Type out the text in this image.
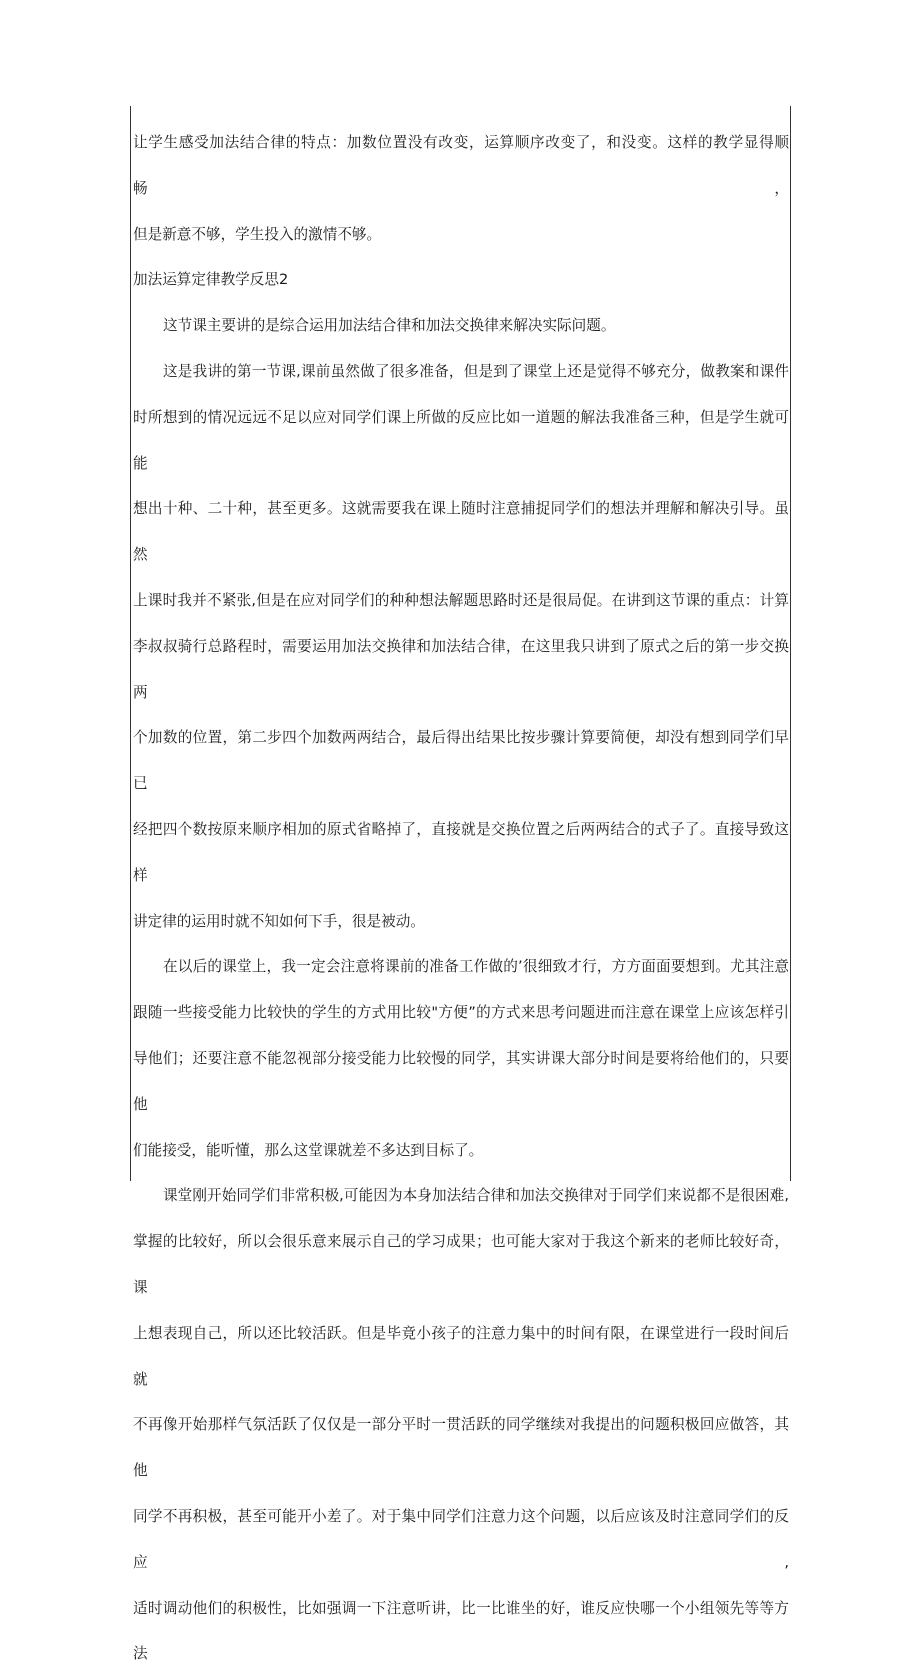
让学生感受加法结合律的特点：加数位置没有改变，运算顺序改变了，和没变。这样的教学显得顺畅，
但是新意不够，学生投入的激情不够。

加法运算定律教学反思2

这节课主要讲的是综合运用加法结合律和加法交换律来解决实际问题。

这是我讲的第一节课,课前虽然做了很多准备，但是到了课堂上还是觉得不够充分，做教案和课件
时所想到的情况远远不足以应对同学们课上所做的反应比如一道题的解法我准备三种，但是学生就可能
想出十种、二十种，甚至更多。这就需要我在课上随时注意捕捉同学们的想法并理解和解决引导。虽然
上课时我并不紧张,但是在应对同学们的种种想法解题思路时还是很局促。在讲到这节课的重点：计算
李叔叔骑行总路程时，需要运用加法交换律和加法结合律，在这里我只讲到了原式之后的第一步交换两
个加数的位置，第二步四个加数两两结合，最后得出结果比按步骤计算要简便，却没有想到同学们早已
经把四个数按原来顺序相加的原式省略掉了，直接就是交换位置之后两两结合的式子了。直接导致这样
讲定律的运用时就不知如何下手，很是被动。

在以后的课堂上，我一定会注意将课前的准备工作做的’很细致才行，方方面面要想到。尤其注意
跟随一些接受能力比较快的学生的方式用比较"方便”的方式来思考问题进而注意在课堂上应该怎样引
导他们；还要注意不能忽视部分接受能力比较慢的同学，其实讲课大部分时间是要将给他们的，只要他
们能接受，能听懂，那么这堂课就差不多达到目标了。

课堂刚开始同学们非常积极,可能因为本身加法结合律和加法交换律对于同学们来说都不是很困难,
掌握的比较好，所以会很乐意来展示自己的学习成果；也可能大家对于我这个新来的老师比较好奇，课
上想表现自己，所以还比较活跃。但是毕竟小孩子的注意力集中的时间有限，在课堂进行一段时间后就
不再像开始那样气氛活跃了仅仅是一部分平时一贯活跃的同学继续对我提出的问题积极回应做答，其他
同学不再积极，甚至可能开小差了。对于集中同学们注意力这个问题，以后应该及时注意同学们的反应,
适时调动他们的积极性，比如强调一下注意听讲，比一比谁坐的好，谁反应快哪一个小组领先等等方法
